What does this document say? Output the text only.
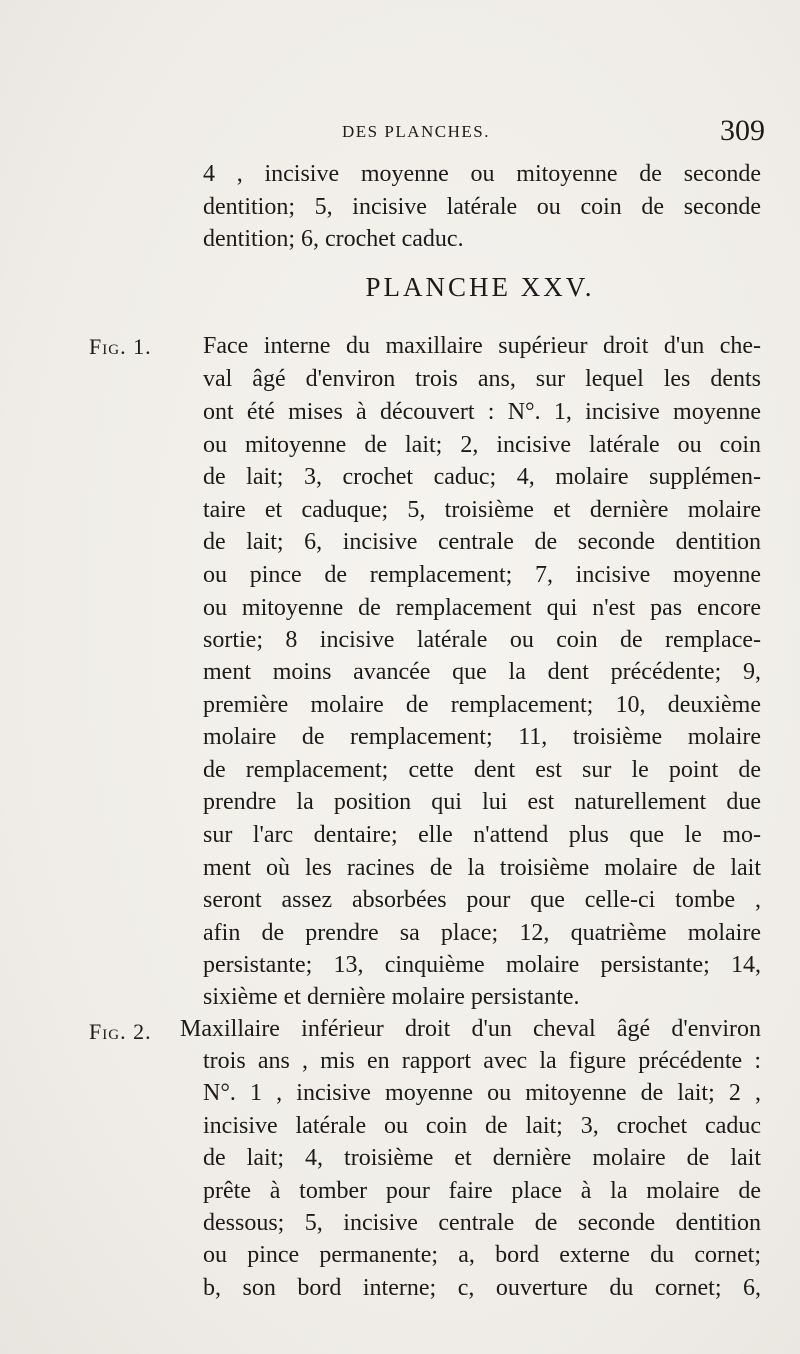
DES PLANCHES.	309
4 , incisive moyenne ou mitoyenne de seconde
dentition; 5, incisive latérale ou coin de seconde
dentition; 6, crochet caduc.
PLANCHE XXV.
Fig. 1. Face interne du maxillaire supérieur droit d'un che-
val âgé d'environ trois ans, sur lequel les dents
ont été mises à découvert : N°. 1, incisive moyenne
ou mitoyenne de lait; 2, incisive latérale ou coin
de lait; 3, crochet caduc; 4, molaire supplémen-
taire et caduque; 5, troisième et dernière molaire
de lait; 6, incisive centrale de seconde dentition
ou pince de remplacement; 7, incisive moyenne
ou mitoyenne de remplacement qui n'est pas encore
sortie; 8 incisive latérale ou coin de remplace-
ment moins avancée que la dent précédente; 9,
première molaire de remplacement; 10, deuxième
molaire de remplacement; 11, troisième molaire
de remplacement; cette dent est sur le point de
prendre la position qui lui est naturellement due
sur l'arc dentaire; elle n'attend plus que le mo-
ment où les racines de la troisième molaire de lait
seront assez absorbées pour que celle-ci tombe ,
afin de prendre sa place; 12, quatrième molaire
persistante; 13, cinquième molaire persistante; 14,
sixième et dernière molaire persistante.
Fig. 2. Maxillaire inférieur droit d'un cheval âgé d'environ
trois ans , mis en rapport avec la figure précédente :
N°. 1 , incisive moyenne ou mitoyenne de lait; 2 ,
incisive latérale ou coin de lait; 3, crochet caduc
de lait; 4, troisième et dernière molaire de lait
prête à tomber pour faire place à la molaire de
dessous; 5, incisive centrale de seconde dentition
ou pince permanente; a, bord externe du cornet;
b, son bord interne; c, ouverture du cornet; 6,
